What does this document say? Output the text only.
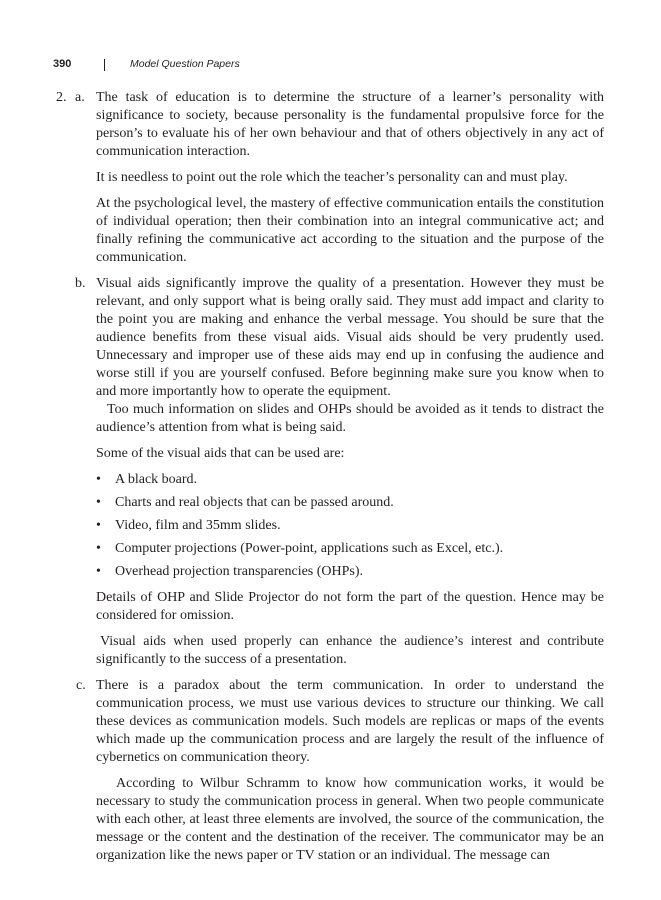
390	Model Question Papers
2. a. The task of education is to determine the structure of a learner’s personality with significance to society, because personality is the fundamental propulsive force for the person’s to evaluate his of her own behaviour and that of others objectively in any act of communication interaction.

It is needless to point out the role which the teacher’s personality can and must play.

At the psychological level, the mastery of effective communication entails the constitution of individual operation; then their combination into an integral communicative act; and finally refining the communicative act according to the situation and the purpose of the communication.

b. Visual aids significantly improve the quality of a presentation. However they must be relevant, and only support what is being orally said. They must add impact and clarity to the point you are making and enhance the verbal message. You should be sure that the audience benefits from these visual aids. Visual aids should be very prudently used. Unnecessary and improper use of these aids may end up in confusing the audience and worse still if you are yourself confused. Before beginning make sure you know when to and more importantly how to operate the equipment.

Too much information on slides and OHPs should be avoided as it tends to distract the audience’s attention from what is being said.

Some of the visual aids that can be used are:

• A black board.
• Charts and real objects that can be passed around.
• Video, film and 35mm slides.
• Computer projections (Power-point, applications such as Excel, etc.).
• Overhead projection transparencies (OHPs).

Details of OHP and Slide Projector do not form the part of the question. Hence may be considered for omission.

Visual aids when used properly can enhance the audience’s interest and contribute significantly to the success of a presentation.

c. There is a paradox about the term communication. In order to understand the communication process, we must use various devices to structure our thinking. We call these devices as communication models. Such models are replicas or maps of the events which made up the communication process and are largely the result of the influence of cybernetics on communication theory.

According to Wilbur Schramm to know how communication works, it would be necessary to study the communication process in general. When two people communicate with each other, at least three elements are involved, the source of the communication, the message or the content and the destination of the receiver. The communicator may be an organization like the news paper or TV station or an individual. The message can
